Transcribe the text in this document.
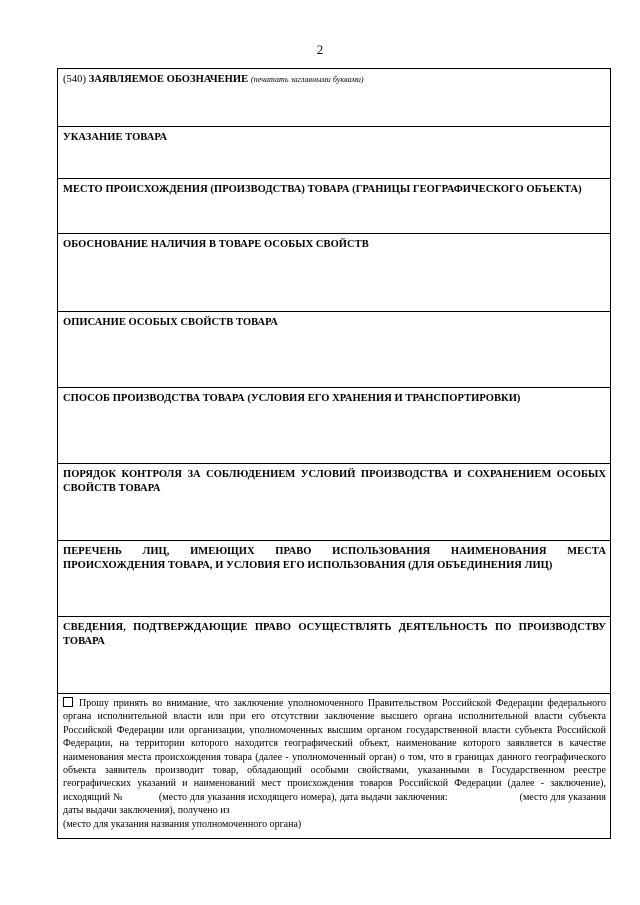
2
(540) ЗАЯВЛЯЕМОЕ ОБОЗНАЧЕНИЕ (печатать заглавными буквами)
УКАЗАНИЕ ТОВАРА
МЕСТО ПРОИСХОЖДЕНИЯ (ПРОИЗВОДСТВА) ТОВАРА (ГРАНИЦЫ ГЕОГРАФИЧЕСКОГО ОБЪЕКТА)
ОБОСНОВАНИЕ НАЛИЧИЯ В ТОВАРЕ ОСОБЫХ СВОЙСТВ
ОПИСАНИЕ ОСОБЫХ СВОЙСТВ ТОВАРА
СПОСОБ ПРОИЗВОДСТВА ТОВАРА (УСЛОВИЯ ЕГО ХРАНЕНИЯ И ТРАНСПОРТИРОВКИ)
ПОРЯДОК КОНТРОЛЯ ЗА СОБЛЮДЕНИЕМ УСЛОВИЙ ПРОИЗВОДСТВА И СОХРАНЕНИЕМ ОСОБЫХ СВОЙСТВ ТОВАРА
ПЕРЕЧЕНЬ ЛИЦ, ИМЕЮЩИХ ПРАВО ИСПОЛЬЗОВАНИЯ НАИМЕНОВАНИЯ МЕСТА
ПРОИСХОЖДЕНИЯ ТОВАРА, И УСЛОВИЯ ЕГО ИСПОЛЬЗОВАНИЯ (ДЛЯ ОБЪЕДИНЕНИЯ ЛИЦ)
СВЕДЕНИЯ, ПОДТВЕРЖДАЮЩИЕ ПРАВО ОСУЩЕСТВЛЯТЬ ДЕЯТЕЛЬНОСТЬ ПО ПРОИЗВОДСТВУ ТОВАРА
Прошу принять во внимание, что заключение уполномоченного Правительством Российской Федерации федерального органа исполнительной власти или при его отсутствии заключение высшего органа исполнительной власти субъекта Российской Федерации или организации, уполномоченных высшим органом государственной власти субъекта Российской Федерации, на территории которого находится географический объект, наименование которого заявляется в качестве наименования места происхождения товара (далее - уполномоченный орган) о том, что в границах данного географического объекта заявитель производит товар, обладающий особыми свойствами, указанными в Государственном реестре географических указаний и наименований мест происхождения товаров Российской Федерации (далее - заключение), исходящий №	(место для указания исходящего номера), дата выдачи заключения:	(место для указания даты выдачи заключения), получено из
(место для указания названия уполномоченного органа)
